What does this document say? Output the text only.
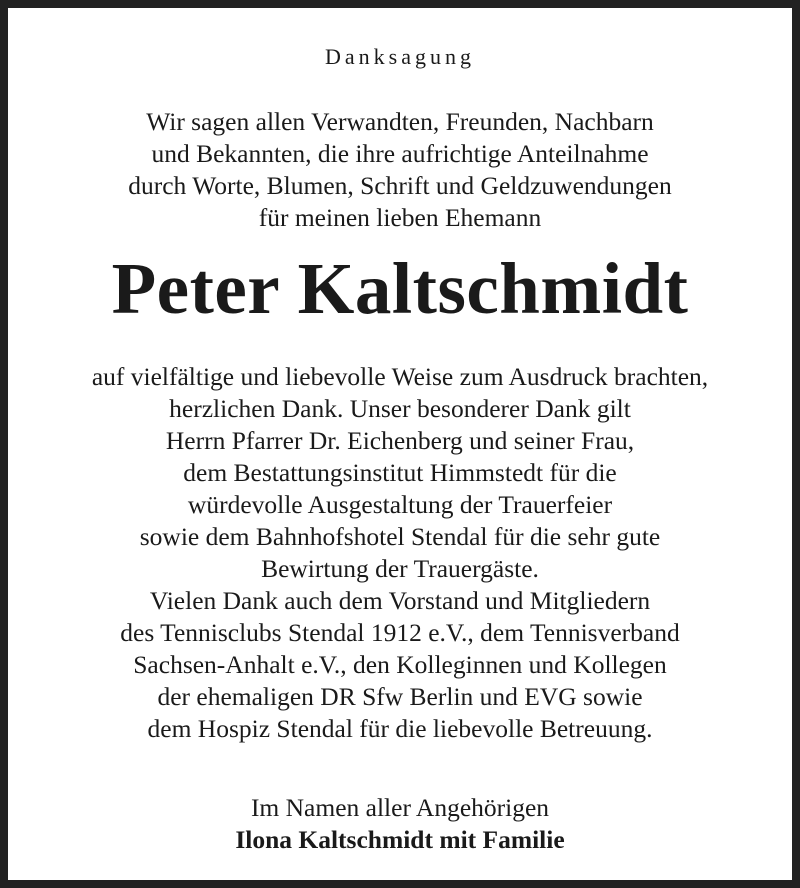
Danksagung
Wir sagen allen Verwandten, Freunden, Nachbarn
und Bekannten, die ihre aufrichtige Anteilnahme
durch Worte, Blumen, Schrift und Geldzuwendungen
für meinen lieben Ehemann
Peter Kaltschmidt
auf vielfältige und liebevolle Weise zum Ausdruck brachten,
herzlichen Dank. Unser besonderer Dank gilt
Herrn Pfarrer Dr. Eichenberg und seiner Frau,
dem Bestattungsinstitut Himmstedt für die
würdevolle Ausgestaltung der Trauerfeier
sowie dem Bahnhofshotel Stendal für die sehr gute
Bewirtung der Trauergäste.
Vielen Dank auch dem Vorstand und Mitgliedern
des Tennisclubs Stendal 1912 e.V., dem Tennisverband
Sachsen-Anhalt e.V., den Kolleginnen und Kollegen
der ehemaligen DR Sfw Berlin und EVG sowie
dem Hospiz Stendal für die liebevolle Betreuung.
Im Namen aller Angehörigen
Ilona Kaltschmidt mit Familie
